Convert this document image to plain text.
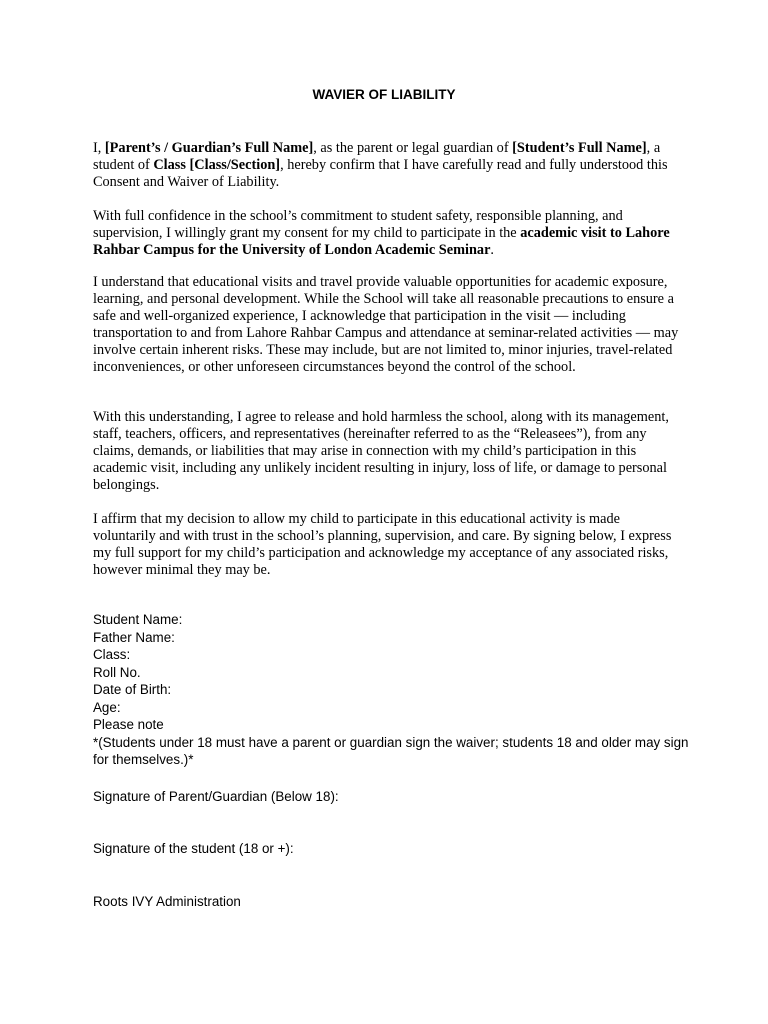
WAVIER OF LIABILITY

I, [Parent’s / Guardian’s Full Name], as the parent or legal guardian of [Student’s Full Name], a student of Class [Class/Section], hereby confirm that I have carefully read and fully understood this Consent and Waiver of Liability.

With full confidence in the school’s commitment to student safety, responsible planning, and supervision, I willingly grant my consent for my child to participate in the academic visit to Lahore Rahbar Campus for the University of London Academic Seminar.

I understand that educational visits and travel provide valuable opportunities for academic exposure, learning, and personal development. While the School will take all reasonable precautions to ensure a safe and well-organized experience, I acknowledge that participation in the visit — including transportation to and from Lahore Rahbar Campus and attendance at seminar-related activities — may involve certain inherent risks. These may include, but are not limited to, minor injuries, travel-related inconveniences, or other unforeseen circumstances beyond the control of the school.

With this understanding, I agree to release and hold harmless the school, along with its management, staff, teachers, officers, and representatives (hereinafter referred to as the “Releasees”), from any claims, demands, or liabilities that may arise in connection with my child’s participation in this academic visit, including any unlikely incident resulting in injury, loss of life, or damage to personal belongings.

I affirm that my decision to allow my child to participate in this educational activity is made voluntarily and with trust in the school’s planning, supervision, and care. By signing below, I express my full support for my child’s participation and acknowledge my acceptance of any associated risks, however minimal they may be.

Student Name:
Father Name:
Class:
Roll No.
Date of Birth:
Age:
Please note
*(Students under 18 must have a parent or guardian sign the waiver; students 18 and older may sign for themselves.)*
Signature of Parent/Guardian (Below 18):
Signature of the student (18 or +):
Roots IVY Administration
